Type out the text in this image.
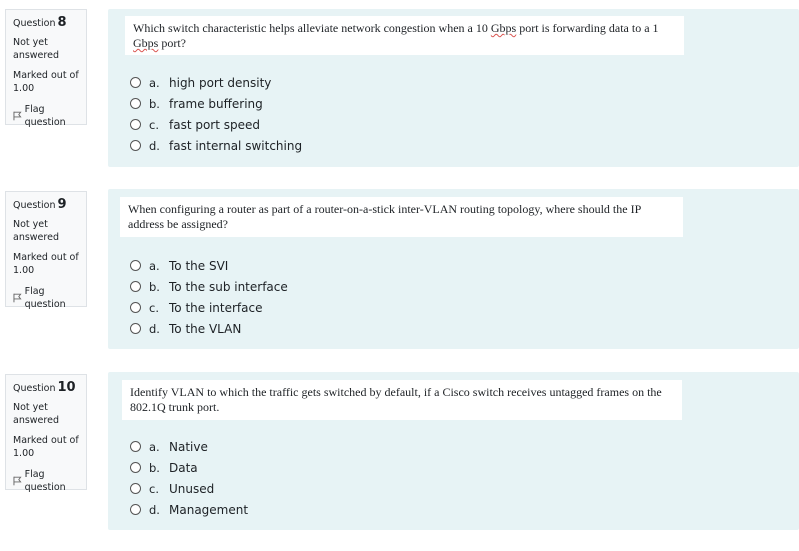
Question 8
Not yet answered
Marked out of 1.00
Flag question
Which switch characteristic helps alleviate network congestion when a 10 Gbps port is forwarding data to a 1 Gbps port?
a. high port density
b. frame buffering
c. fast port speed
d. fast internal switching
Question 9
Not yet answered
Marked out of 1.00
Flag question
When configuring a router as part of a router-on-a-stick inter-VLAN routing topology, where should the IP address be assigned?
a. To the SVI
b. To the sub interface
c. To the interface
d. To the VLAN
Question 10
Not yet answered
Marked out of 1.00
Flag question
Identify VLAN to which the traffic gets switched by default, if a Cisco switch receives untagged frames on the 802.1Q trunk port.
a. Native
b. Data
c. Unused
d. Management
